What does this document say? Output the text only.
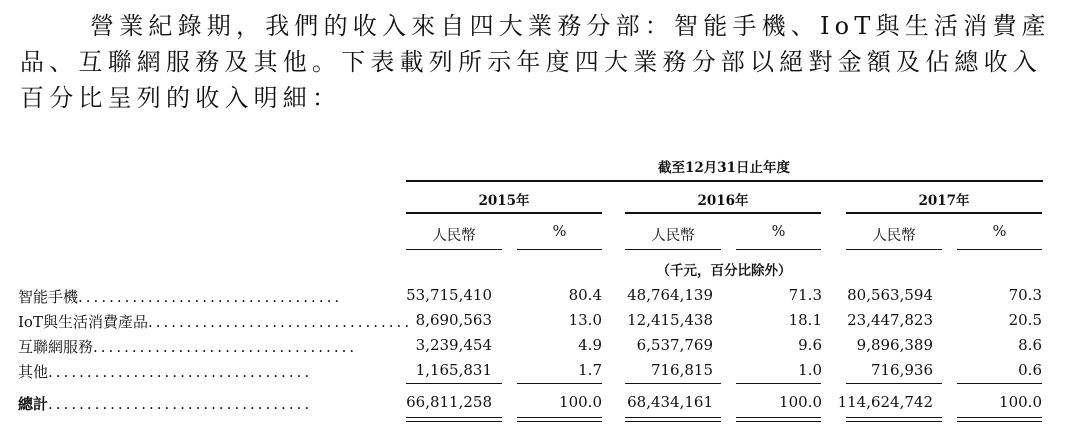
營業紀錄期，我們的收入來自四大業務分部：智能手機、IoT與生活消費產品、互聯網服務及其他。下表載列所示年度四大業務分部以絕對金額及佔總收入百分比呈列的收入明細：

截至12月31日止年度
2015年	2016年	2017年
人民幣	%	人民幣	%	人民幣	%
（千元，百分比除外）
智能手機..................................	53,715,410	80.4	48,764,139	71.3	80,563,594	70.3
IoT與生活消費產品.................................. 8,690,563	13.0	12,415,438	18.1	23,447,823	20.5
互聯網服務..................................	3,239,454	4.9	6,537,769	9.6	9,896,389	8.6
其他..................................	1,165,831	1.7	716,815	1.0	716,936	0.6
總計..................................	66,811,258	100.0	68,434,161	100.0	114,624,742	100.0
